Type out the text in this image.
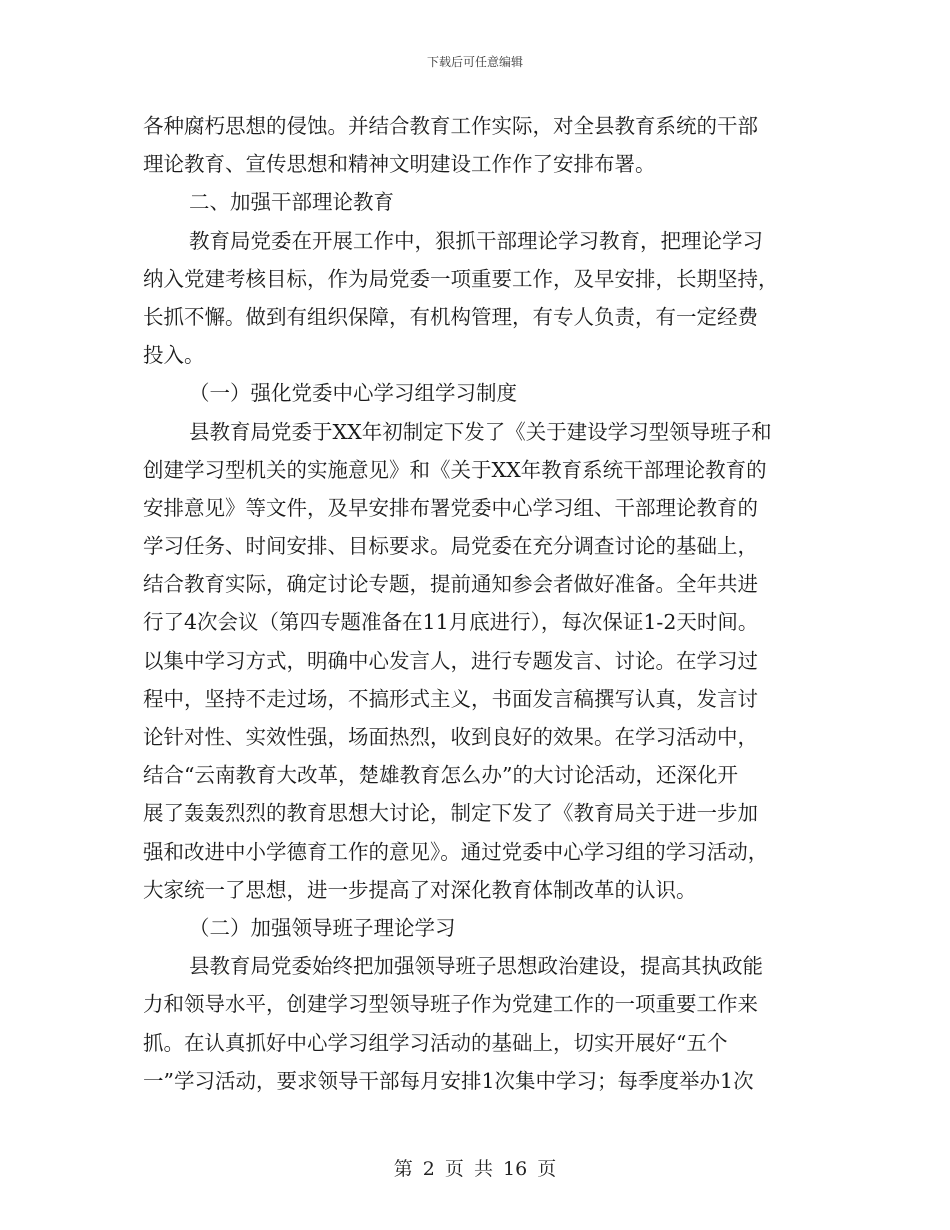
下载后可任意编辑
各种腐朽思想的侵蚀。并结合教育工作实际，对全县教育系统的干部
理论教育、宣传思想和精神文明建设工作作了安排布署。
二、加强干部理论教育
教育局党委在开展工作中，狠抓干部理论学习教育，把理论学习
纳入党建考核目标，作为局党委一项重要工作，及早安排，长期坚持，
长抓不懈。做到有组织保障，有机构管理，有专人负责，有一定经费
投入。
（一）强化党委中心学习组学习制度
县教育局党委于XX年初制定下发了《关于建设学习型领导班子和
创建学习型机关的实施意见》和《关于XX年教育系统干部理论教育的
安排意见》等文件，及早安排布署党委中心学习组、干部理论教育的
学习任务、时间安排、目标要求。局党委在充分调查讨论的基础上，
结合教育实际，确定讨论专题，提前通知参会者做好准备。全年共进
行了4次会议（第四专题准备在11月底进行），每次保证1-2天时间。
以集中学习方式，明确中心发言人，进行专题发言、讨论。在学习过
程中，坚持不走过场，不搞形式主义，书面发言稿撰写认真，发言讨
论针对性、实效性强，场面热烈，收到良好的效果。在学习活动中，
结合“云南教育大改革，楚雄教育怎么办”的大讨论活动，还深化开
展了轰轰烈烈的教育思想大讨论，制定下发了《教育局关于进一步加
强和改进中小学德育工作的意见》。通过党委中心学习组的学习活动，
大家统一了思想，进一步提高了对深化教育体制改革的认识。
（二）加强领导班子理论学习
县教育局党委始终把加强领导班子思想政治建设，提高其执政能
力和领导水平，创建学习型领导班子作为党建工作的一项重要工作来
抓。在认真抓好中心学习组学习活动的基础上，切实开展好“五个
一”学习活动，要求领导干部每月安排1次集中学习；每季度举办1次
第 2 页 共 16 页
